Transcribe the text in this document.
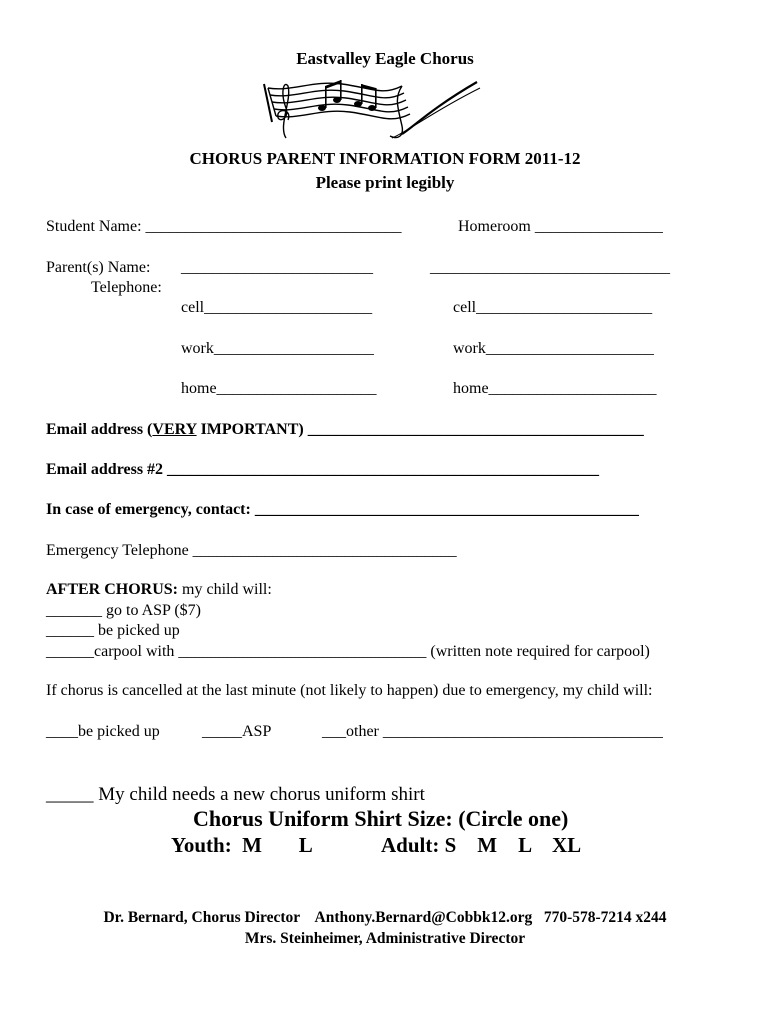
Eastvalley Eagle Chorus
CHORUS PARENT INFORMATION FORM 2011-12
Please print legibly
Student Name: ________________________________	Homeroom ________________
Parent(s) Name: ________________________	______________________________
Telephone:
cell_____________________	cell______________________
work____________________	work_____________________
home____________________	home_____________________
Email address (VERY IMPORTANT) __________________________________________
Email address #2 ______________________________________________________
In case of emergency, contact: ________________________________________________
Emergency Telephone _________________________________
AFTER CHORUS: my child will:
_______ go to ASP ($7)
______ be picked up
______carpool with _______________________________ (written note required for carpool)
If chorus is cancelled at the last minute (not likely to happen) due to emergency, my child will:
____be picked up	_____ASP	___other ___________________________________
_____ My child needs a new chorus uniform shirt
Chorus Uniform Shirt Size: (Circle one)
Youth:  M       L	Adult: S    M    L    XL
Dr. Bernard, Chorus Director    Anthony.Bernard@Cobbk12.org   770-578-7214 x244
Mrs. Steinheimer, Administrative Director
